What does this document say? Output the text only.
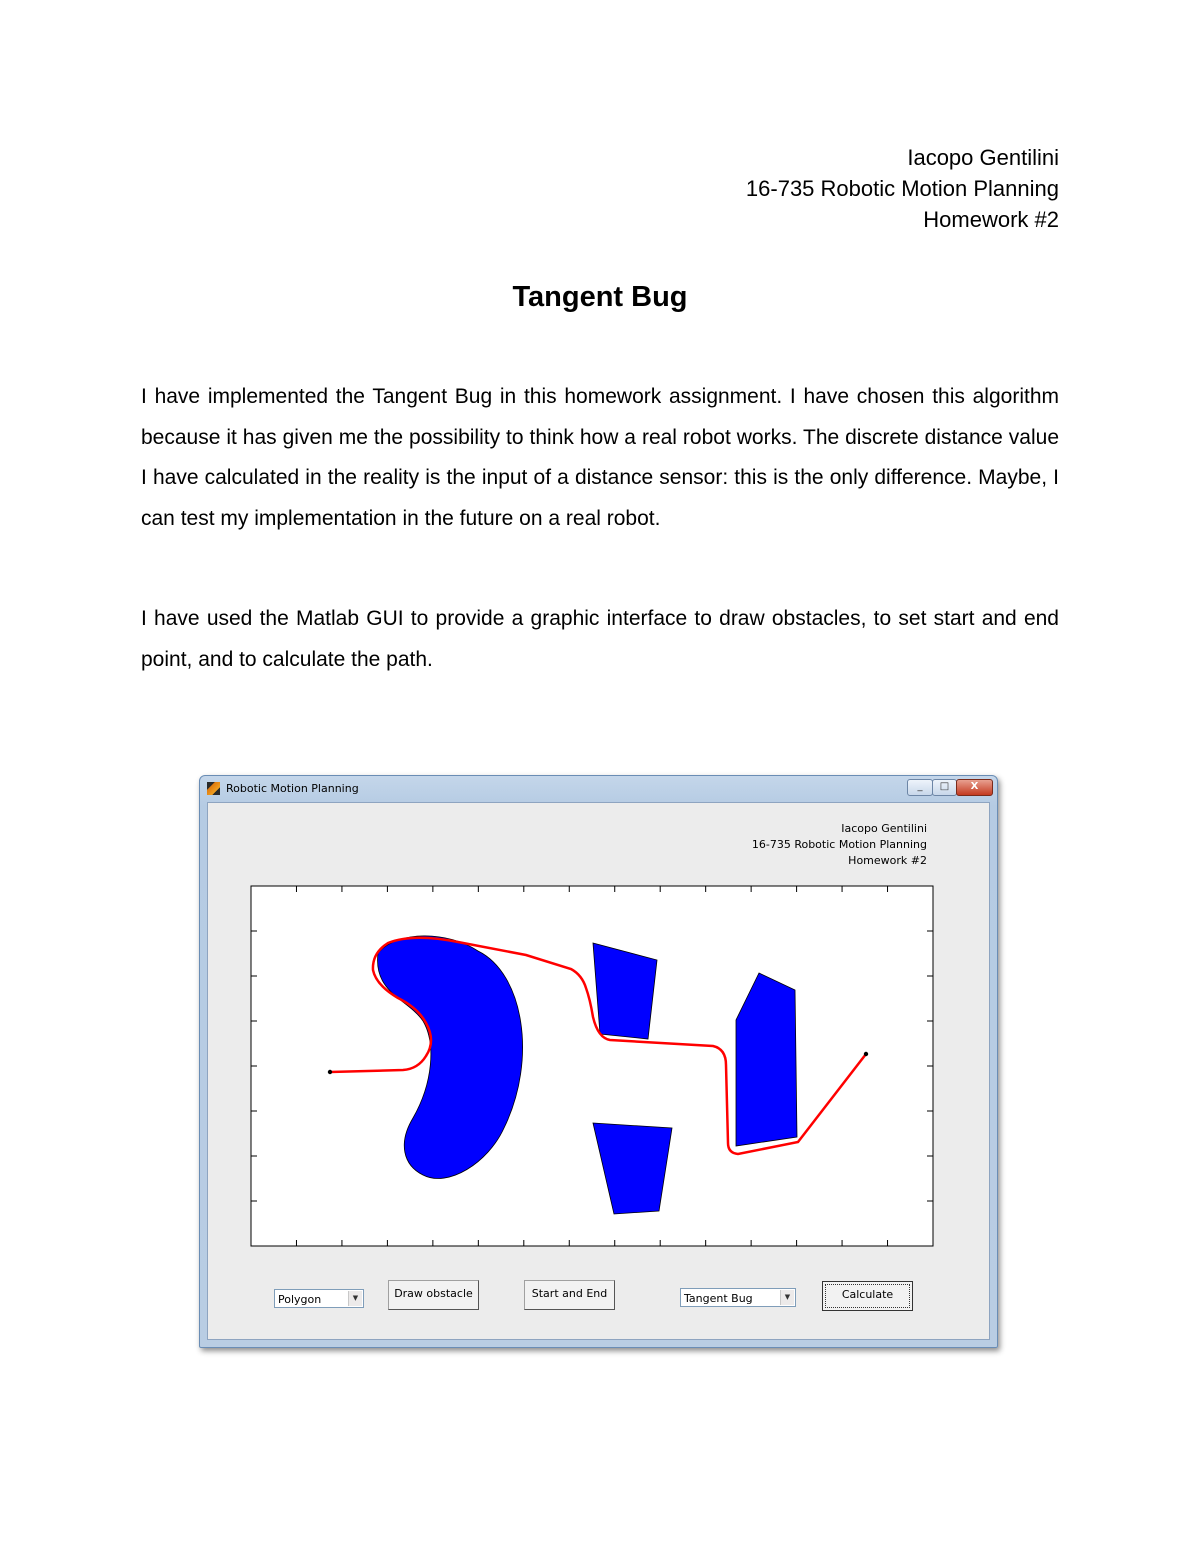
Iacopo Gentilini
16-735 Robotic Motion Planning
Homework #2
Tangent Bug

I have implemented the Tangent Bug in this homework assignment. I have chosen this algorithm because it has given me the possibility to think how a real robot works. The discrete distance value I have calculated in the reality is the input of a distance sensor: this is the only difference. Maybe, I can test my implementation in the future on a real robot.

I have used the Matlab GUI to provide a graphic interface to draw obstacles, to set start and end point, and to calculate the path.

Robotic Motion Planning	_	□	X
Iacopo Gentilini
16-735 Robotic Motion Planning
Homework #2
Polygon	▼	Draw obstacle	Start and End	Tangent Bug	▼	Calculate
